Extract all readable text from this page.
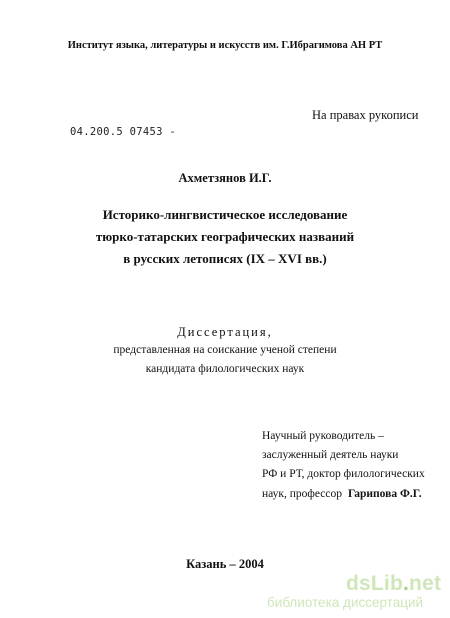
Институт языка, литературы и искусств им. Г.Ибрагимова АН РТ
На правах рукописи
04.200.5 07453 -
Ахметзянов И.Г.
Историко-лингвистическое исследование
тюрко-татарских географических названий
в русских летописях (IX – XVI вв.)
Диссертация,
представленная на соискание ученой степени
кандидата филологических наук
Научный руководитель –
заслуженный деятель науки
РФ и РТ, доктор филологических
наук, профессор Гарипова Ф.Г.
Казань – 2004
dsLib.net
библиотека диссертаций
